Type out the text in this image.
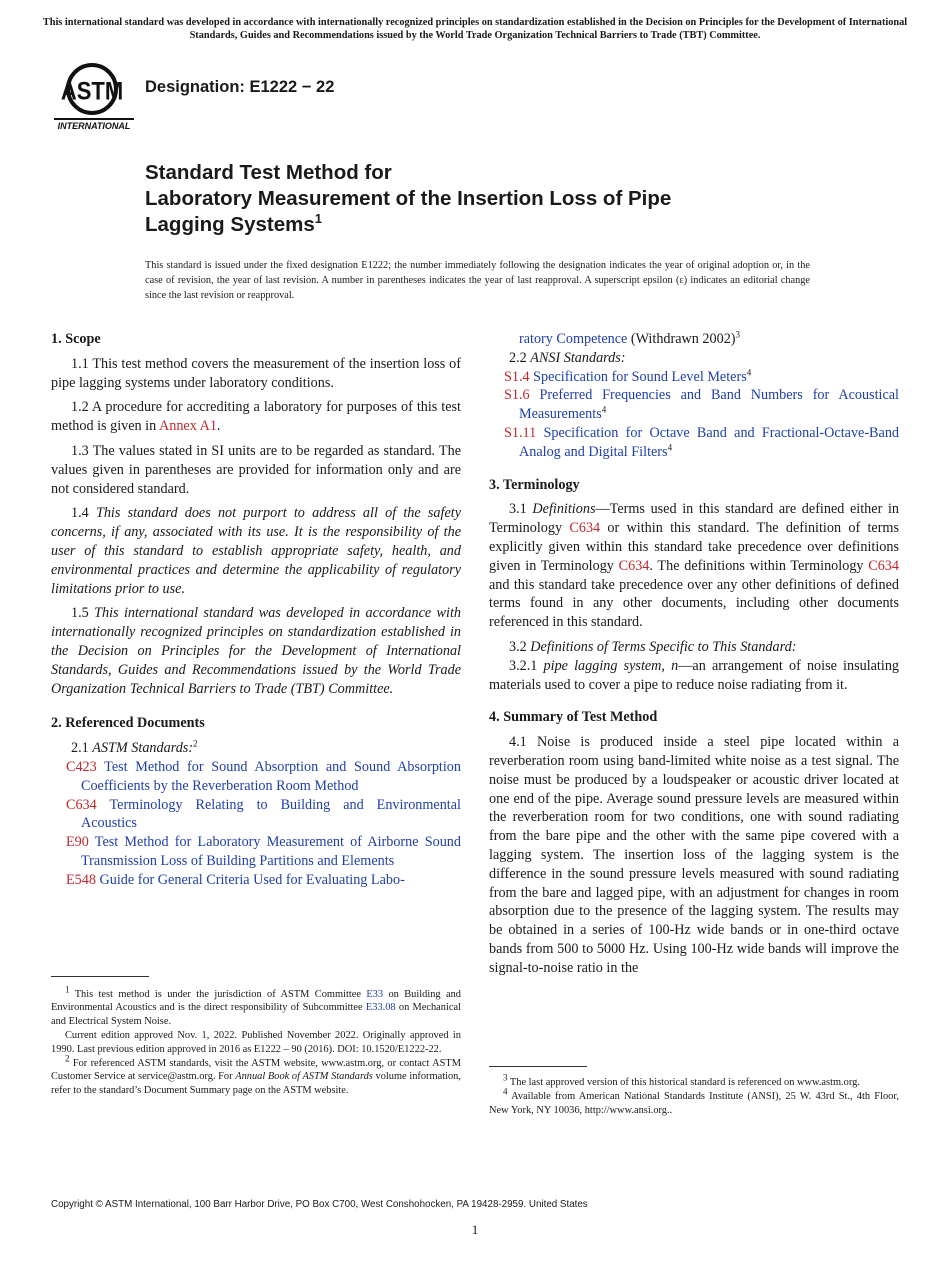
This international standard was developed in accordance with internationally recognized principles on standardization established in the Decision on Principles for the Development of International Standards, Guides and Recommendations issued by the World Trade Organization Technical Barriers to Trade (TBT) Committee.
ASTM
INTERNATIONAL
Designation: E1222 − 22
Standard Test Method for
Laboratory Measurement of the Insertion Loss of Pipe
Lagging Systems$^1$
This standard is issued under the fixed designation E1222; the number immediately following the designation indicates the year of original adoption or, in the case of revision, the year of last revision. A number in parentheses indicates the year of last reapproval. A superscript epsilon (ε) indicates an editorial change since the last revision or reapproval.
1. Scope

1.1 This test method covers the measurement of the insertion loss of pipe lagging systems under laboratory conditions.

1.2 A procedure for accrediting a laboratory for purposes of this test method is given in Annex A1.

1.3 The values stated in SI units are to be regarded as standard. The values given in parentheses are provided for information only and are not considered standard.

1.4 This standard does not purport to address all of the safety concerns, if any, associated with its use. It is the responsibility of the user of this standard to establish appropriate safety, health, and environmental practices and determine the applicability of regulatory limitations prior to use.

1.5 This international standard was developed in accordance with internationally recognized principles on standardization established in the Decision on Principles for the Development of International Standards, Guides and Recommendations issued by the World Trade Organization Technical Barriers to Trade (TBT) Committee.

2. Referenced Documents

2.1 ASTM Standards:$^2$

C423 Test Method for Sound Absorption and Sound Absorption Coefficients by the Reverberation Room Method
C634 Terminology Relating to Building and Environmental Acoustics
E90 Test Method for Laboratory Measurement of Airborne Sound Transmission Loss of Building Partitions and Elements
E548 Guide for General Criteria Used for Evaluating Labo-

$^1$ This test method is under the jurisdiction of ASTM Committee E33 on Building and Environmental Acoustics and is the direct responsibility of Subcommittee E33.08 on Mechanical and Electrical System Noise.

Current edition approved Nov. 1, 2022. Published November 2022. Originally approved in 1990. Last previous edition approved in 2016 as E1222 – 90 (2016). DOI: 10.1520/E1222-22.

$^2$ For referenced ASTM standards, visit the ASTM website, www.astm.org, or contact ASTM Customer Service at service@astm.org. For Annual Book of ASTM Standards volume information, refer to the standard’s Document Summary page on the ASTM website.

ratory Competence (Withdrawn 2002)$^3$

2.2 ANSI Standards:

S1.4 Specification for Sound Level Meters$^4$
S1.6 Preferred Frequencies and Band Numbers for Acoustical Measurements$^4$
S1.11 Specification for Octave Band and Fractional-Octave-Band Analog and Digital Filters$^4$
3. Terminology

3.1 Definitions—Terms used in this standard are defined either in Terminology C634 or within this standard. The definition of terms explicitly given within this standard take precedence over definitions given in Terminology C634. The definitions within Terminology C634 and this standard take precedence over any other definitions of defined terms found in any other documents, including other documents referenced in this standard.

3.2 Definitions of Terms Specific to This Standard:

3.2.1 pipe lagging system, n—an arrangement of noise insulating materials used to cover a pipe to reduce noise radiating from it.

4. Summary of Test Method

4.1 Noise is produced inside a steel pipe located within a reverberation room using band-limited white noise as a test signal. The noise must be produced by a loudspeaker or acoustic driver located at one end of the pipe. Average sound pressure levels are measured within the reverberation room for two conditions, one with sound radiating from the bare pipe and the other with the same pipe covered with a lagging system. The insertion loss of the lagging system is the difference in the sound pressure levels measured with sound radiating from the bare and lagged pipe, with an adjustment for changes in room absorption due to the presence of the lagging system. The results may be obtained in a series of 100-Hz wide bands or in one-third octave bands from 500 to 5000 Hz. Using 100-Hz wide bands will improve the signal-to-noise ratio in the

$^3$ The last approved version of this historical standard is referenced on www.astm.org.

$^4$ Available from American National Standards Institute (ANSI), 25 W. 43rd St., 4th Floor, New York, NY 10036, http://www.ansi.org..

Copyright © ASTM International, 100 Barr Harbor Drive, PO Box C700, West Conshohocken, PA 19428-2959. United States
1
